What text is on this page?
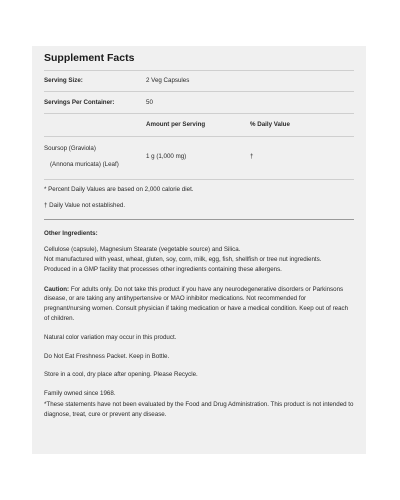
Supplement Facts
Serving Size:	2 Veg Capsules
Servings Per Container:	50
Amount per Serving	% Daily Value
Soursop (Graviola)
(Annona muricata) (Leaf)
1 g (1,000 mg)	†
* Percent Daily Values are based on 2,000 calorie diet.
† Daily Value not established.
Other Ingredients:
Cellulose (capsule), Magnesium Stearate (vegetable source) and Silica.
Not manufactured with yeast, wheat, gluten, soy, corn, milk, egg, fish, shellfish or tree nut ingredients.
Produced in a GMP facility that processes other ingredients containing these allergens.
Caution: For adults only. Do not take this product if you have any neurodegenerative disorders or Parkinsons disease, or are taking any antihypertensive or MAO inhibitor medications. Not recommended for pregnant/nursing women. Consult physician if taking medication or have a medical condition. Keep out of reach of children.
Natural color variation may occur in this product.
Do Not Eat Freshness Packet. Keep in Bottle.
Store in a cool, dry place after opening. Please Recycle.
Family owned since 1968.
*These statements have not been evaluated by the Food and Drug Administration. This product is not intended to diagnose, treat, cure or prevent any disease.
